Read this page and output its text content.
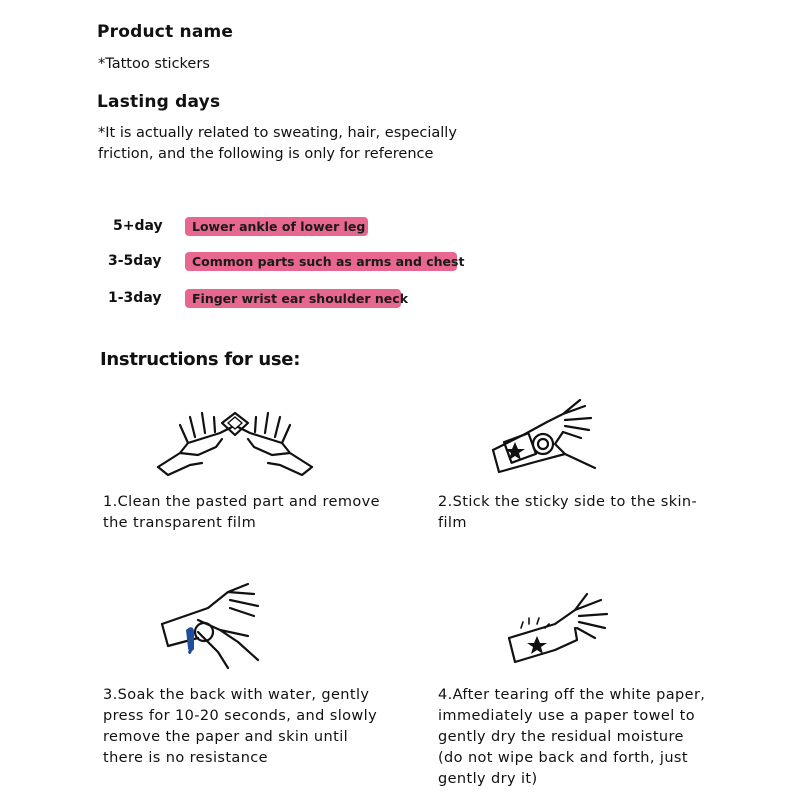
Product name
*Tattoo stickers
Lasting days
*It is actually related to sweating, hair, especially
friction, and the following is only for reference
5+day	Lower ankle of lower leg
3-5day	Common parts such as arms and chest
1-3day	Finger wrist ear shoulder neck
Instructions for use:
1.Clean the pasted part and remove
the transparent film
2.Stick the sticky side to the skin-
film
3.Soak the back with water, gently
press for 10-20 seconds, and slowly
remove the paper and skin until
there is no resistance
4.After tearing off the white paper,
immediately use a paper towel to
gently dry the residual moisture
(do not wipe back and forth, just
gently dry it)
